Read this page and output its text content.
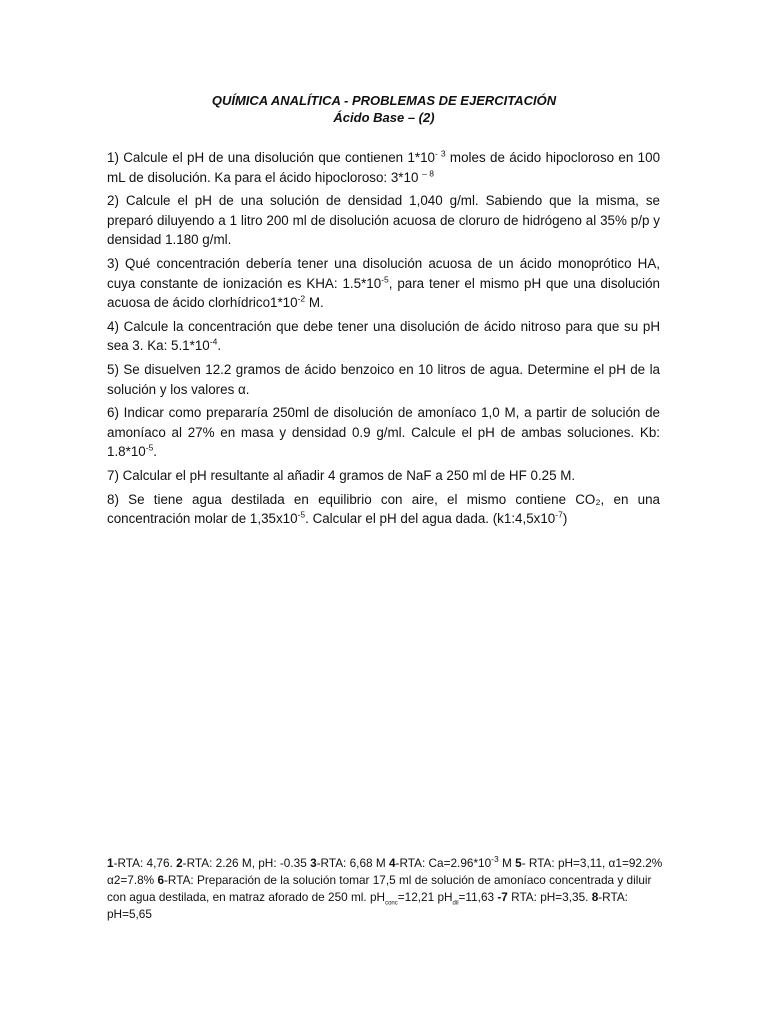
QUÍMICA ANALÍTICA - PROBLEMAS DE EJERCITACIÓN
Ácido Base – (2)

1) Calcule el pH de una disolución que contienen $1*10^{- 3}$ moles de ácido hipocloroso en 100 mL de disolución. Ka para el ácido hipocloroso: 3*10 $^{- 8}$

2) Calcule el pH de una solución de densidad 1,040 g/ml. Sabiendo que la misma, se preparó diluyendo a 1 litro 200 ml de disolución acuosa de cloruro de hidrógeno al 35% p/p y densidad 1.180 g/ml.

3) Qué concentración debería tener una disolución acuosa de un ácido monoprótico HA, cuya constante de ionización es KHA: $1.5*10^{-5}$, para tener el mismo pH que una disolución acuosa de ácido $clorhídrico1*10^{-2}$ M.

4) Calcule la concentración que debe tener una disolución de ácido nitroso para que su pH sea 3. Ka: $5.1*10^{-4}$.

5) Se disuelven 12.2 gramos de ácido benzoico en 10 litros de agua. Determine el pH de la solución y los valores α.

6) Indicar como prepararía 250ml de disolución de amoníaco 1,0 M, a partir de solución de amoníaco al 27% en masa y densidad 0.9 g/ml. Calcule el pH de ambas soluciones. Kb: $1.8*10^{-5}$.

7) Calcular el pH resultante al añadir 4 gramos de NaF a 250 ml de HF 0.25 M.

8) Se tiene agua destilada en equilibrio con aire, el mismo contiene CO₂, en una concentración molar de $1,35x10^{-5}$. Calcular el pH del agua dada. $(k1:4,5x10^{-7})$

1-RTA: 4,76. 2-RTA: 2.26 M, pH: -0.35 3-RTA: 6,68 M 4-RTA: $Ca=2.96*10^{-3}$ M 5- RTA: pH=3,11, α1=92.2% α2=7.8% 6-RTA: Preparación de la solución tomar 17,5 ml de solución de amoníaco concentrada y diluir con agua destilada, en matraz aforado de 250 ml. $pH_{conc}=12,21$ $pH_{dil}=11,63$ -7 RTA: pH=3,35. 8-RTA: pH=5,65
